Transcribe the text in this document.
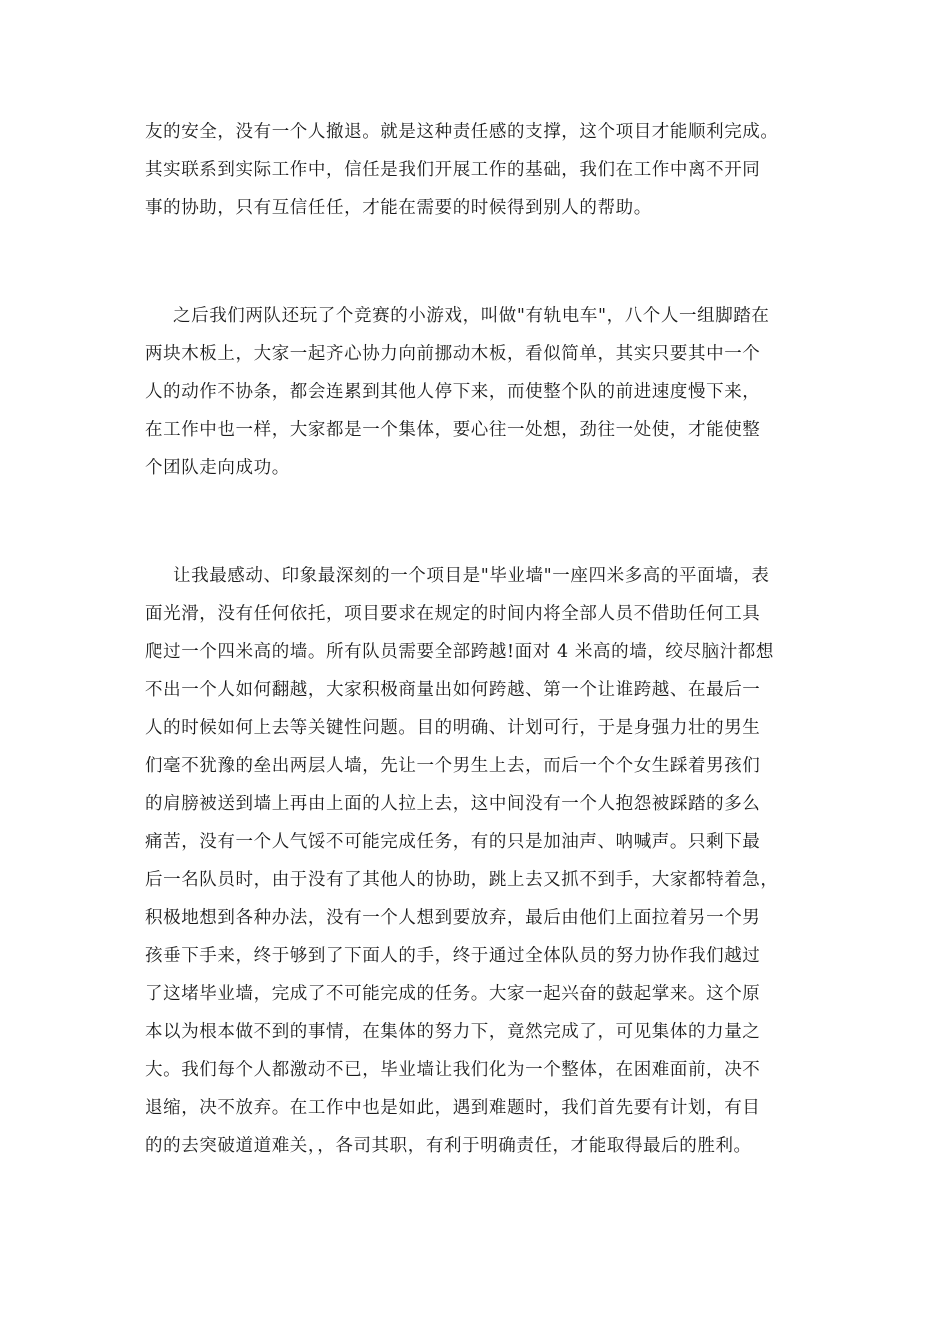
友的安全，没有一个人撤退。就是这种责任感的支撑，这个项目才能顺利完成。
其实联系到实际工作中，信任是我们开展工作的基础，我们在工作中离不开同
事的协助，只有互信任任，才能在需要的时候得到别人的帮助。

之后我们两队还玩了个竞赛的小游戏，叫做"有轨电车"，八个人一组脚踏在
两块木板上，大家一起齐心协力向前挪动木板，看似简单，其实只要其中一个
人的动作不协条，都会连累到其他人停下来，而使整个队的前进速度慢下来，
在工作中也一样，大家都是一个集体，要心往一处想，劲往一处使，才能使整
个团队走向成功。

让我最感动、印象最深刻的一个项目是"毕业墙"一座四米多高的平面墙，表
面光滑，没有任何依托，项目要求在规定的时间内将全部人员不借助任何工具
爬过一个四米高的墙。所有队员需要全部跨越!面对 4 米高的墙，绞尽脑汁都想
不出一个人如何翻越，大家积极商量出如何跨越、第一个让谁跨越、在最后一
人的时候如何上去等关键性问题。目的明确、计划可行，于是身强力壮的男生
们毫不犹豫的垒出两层人墙，先让一个男生上去，而后一个个女生踩着男孩们
的肩膀被送到墙上再由上面的人拉上去，这中间没有一个人抱怨被踩踏的多么
痛苦，没有一个人气馁不可能完成任务，有的只是加油声、呐喊声。只剩下最
后一名队员时，由于没有了其他人的协助，跳上去又抓不到手，大家都特着急，
积极地想到各种办法，没有一个人想到要放弃，最后由他们上面拉着另一个男
孩垂下手来，终于够到了下面人的手，终于通过全体队员的努力协作我们越过
了这堵毕业墙，完成了不可能完成的任务。大家一起兴奋的鼓起掌来。这个原
本以为根本做不到的事情，在集体的努力下，竟然完成了，可见集体的力量之
大。我们每个人都激动不已，毕业墙让我们化为一个整体，在困难面前，决不
退缩，决不放弃。在工作中也是如此，遇到难题时，我们首先要有计划，有目
的的去突破道道难关，，各司其职，有利于明确责任，才能取得最后的胜利。
